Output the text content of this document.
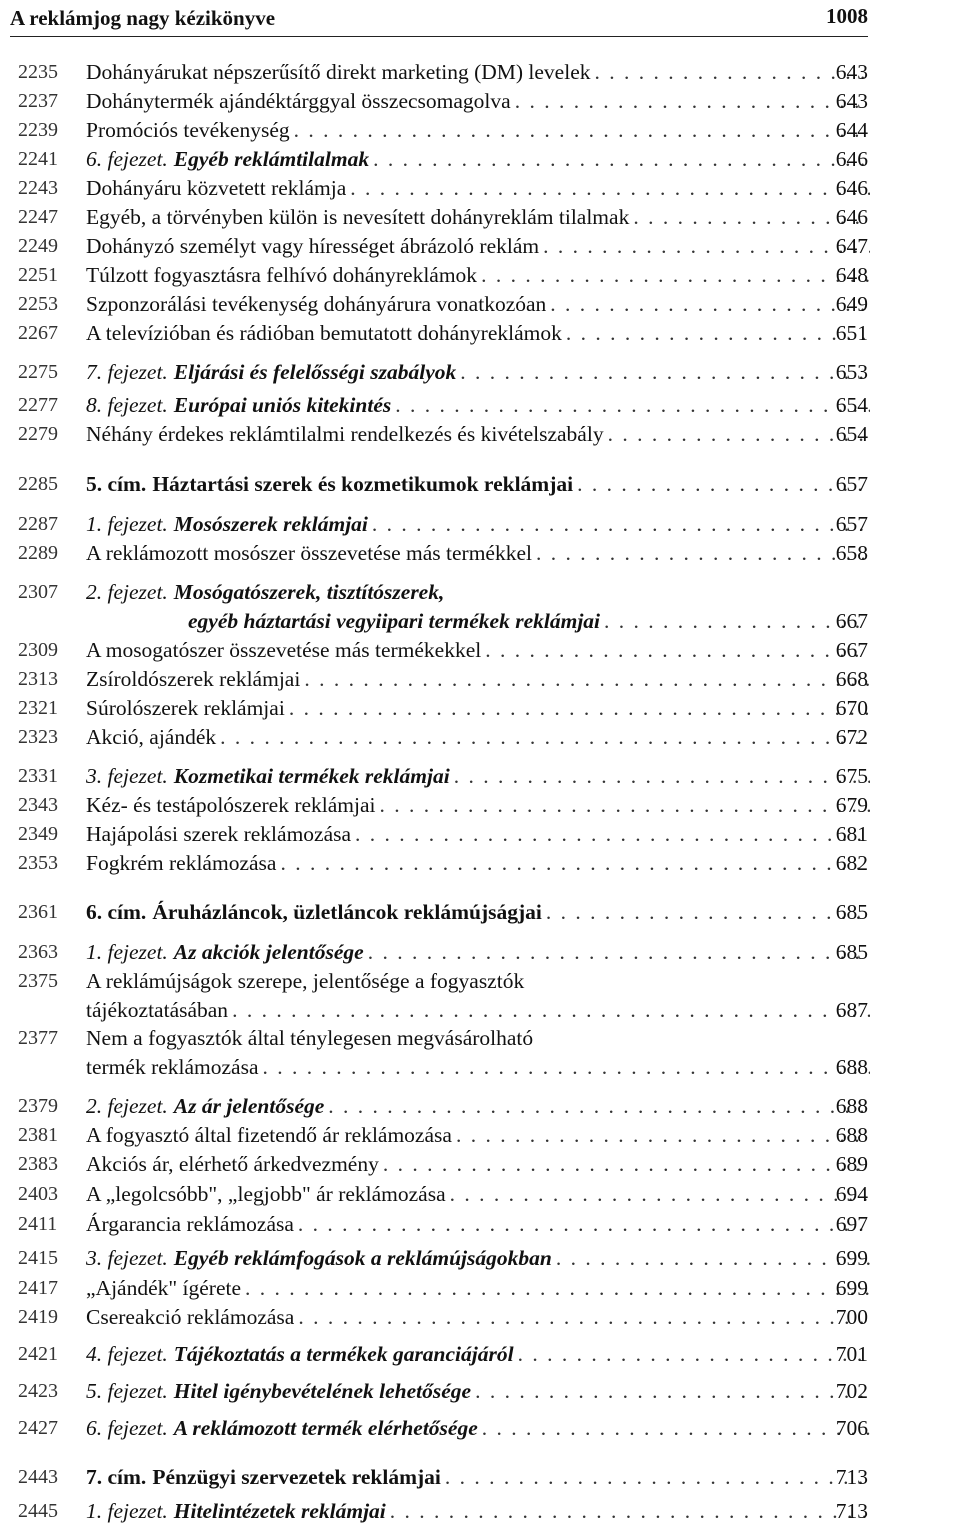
A reklámjog nagy kézikönyve	1008
2235	Dohányárukat népszerűsítő direkt marketing (DM) levelek . . .	643
2237	Dohánytermék ajándéktárggyal összecsomagolva . . .	643
2239	Promóciós tevékenység . . .	644
2241	6. fejezet. Egyéb reklámtilalmak . . .	646
2243	Dohányáru közvetett reklámja . . .	646
2247	Egyéb, a törvényben külön is nevesített dohányreklám tilalmak . . .	646
2249	Dohányzó személyt vagy hírességet ábrázoló reklám . . .	647
2251	Túlzott fogyasztásra felhívó dohányreklámok . . .	648
2253	Szponzorálási tevékenység dohányárura vonatkozóan . . .	649
2267	A televízióban és rádióban bemutatott dohányreklámok . . .	651
2275	7. fejezet. Eljárási és felelősségi szabályok . . .	653
2277	8. fejezet. Európai uniós kitekintés . . .	654
2279	Néhány érdekes reklámtilalmi rendelkezés és kivételszabály . . .	654
2285	5. cím. Háztartási szerek és kozmetikumok reklámjai . . .	657
2287	1. fejezet. Mosószerek reklámjai . . .	657
2289	A reklámozott mosószer összevetése más termékkel . . .	658
2307	2. fejezet. Mosógatószerek, tisztítószerek,
egyéb háztartási vegyiipari termékek reklámjai . . .	667
2309	A mosogatószer összevetése más termékekkel . . .	667
2313	Zsíroldószerek reklámjai . . .	668
2321	Súrolószerek reklámjai . . .	670
2323	Akció, ajándék . . .	672
2331	3. fejezet. Kozmetikai termékek reklámjai . . .	675
2343	Kéz- és testápolószerek reklámjai . . .	679
2349	Hajápolási szerek reklámozása . . .	681
2353	Fogkrém reklámozása . . .	682
2361	6. cím. Áruházláncok, üzletláncok reklámújságjai . . .	685
2363	1. fejezet. Az akciók jelentősége . . .	685
2375	A reklámújságok szerepe, jelentősége a fogyasztók
tájékoztatásában . . .	687
2377	Nem a fogyasztók által ténylegesen megvásárolható
termék reklámozása . . .	688
2379	2. fejezet. Az ár jelentősége . . .	688
2381	A fogyasztó által fizetendő ár reklámozása . . .	688
2383	Akciós ár, elérhető árkedvezmény . . .	689
2403	A „legolcsóbb", „legjobb" ár reklámozása . . .	694
2411	Árgarancia reklámozása . . .	697
2415	3. fejezet. Egyéb reklámfogások a reklámújságokban . . .	699
2417	„Ajándék" ígérete . . .	699
2419	Csereakció reklámozása . . .	700
2421	4. fejezet. Tájékoztatás a termékek garanciájáról . . .	701
2423	5. fejezet. Hitel igénybevételének lehetősége . . .	702
2427	6. fejezet. A reklámozott termék elérhetősége . . .	706
2443	7. cím. Pénzügyi szervezetek reklámjai . . .	713
2445	1. fejezet. Hitelintézetek reklámjai . . .	713
